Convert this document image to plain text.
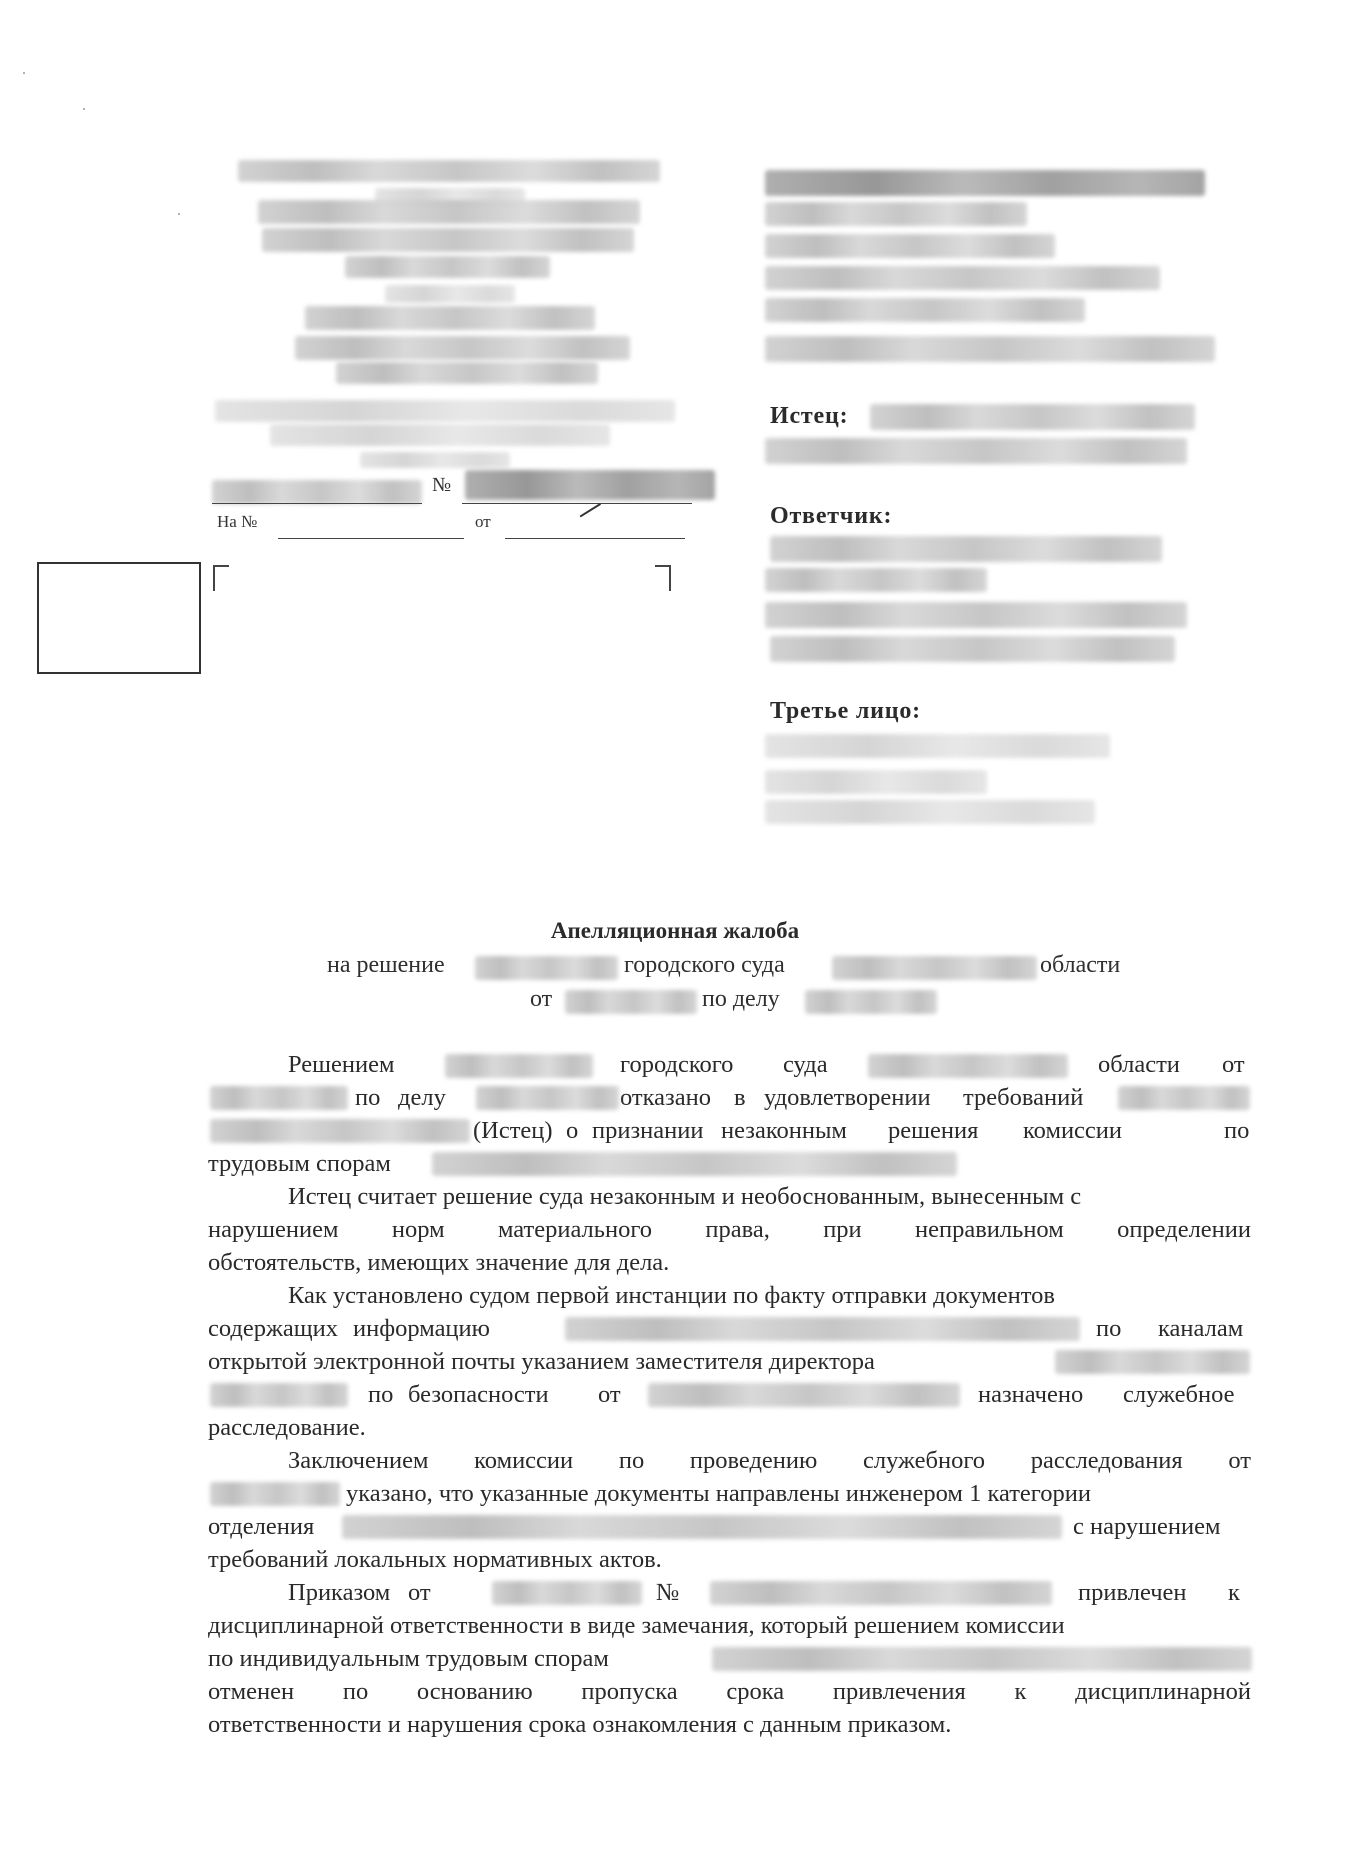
№
На №	от
Истец:
Ответчик:
Третье лицо:
Апелляционная жалоба
на решение	городского суда	области
от	по делу
Решением	городского суда	области от
по делу	отказано в удовлетворении требований
(Истец) о признании незаконным решения комиссии	по
трудовым спорам
Истец считает решение суда незаконным и необоснованным, вынесенным с
нарушением норм материального права, при неправильном определении
обстоятельств, имеющих значение для дела.
Как установлено судом первой инстанции по факту отправки документов
содержащих информацию	по каналам
открытой электронной почты указанием заместителя директора
по безопасности от	назначено служебное
расследование.
Заключением комиссии по проведению служебного расследования от
указано, что указанные документы направлены инженером 1 категории
отделения	с нарушением
требований локальных нормативных актов.
Приказом от	№	привлечен к
дисциплинарной ответственности в виде замечания, который решением комиссии
по индивидуальным трудовым спорам
отменен по основанию пропуска срока привлечения к дисциплинарной
ответственности и нарушения срока ознакомления с данным приказом.
